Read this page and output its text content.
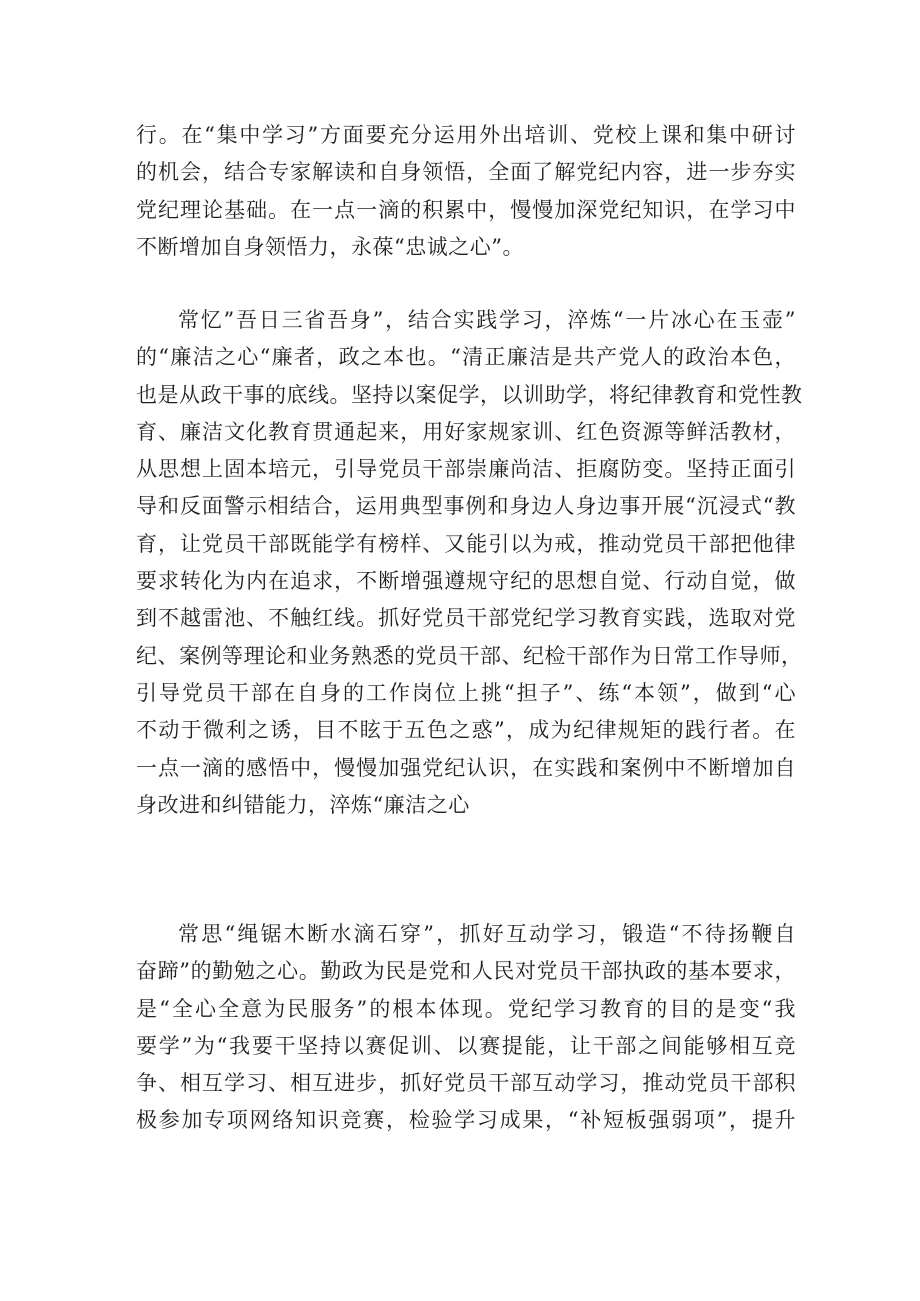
行。在“集中学习”方面要充分运用外出培训、党校上课和集中研讨
的机会，结合专家解读和自身领悟，全面了解党纪内容，进一步夯实
党纪理论基础。在一点一滴的积累中，慢慢加深党纪知识，在学习中
不断增加自身领悟力，永葆“忠诚之心”。
常忆”吾日三省吾身”，结合实践学习，淬炼“一片冰心在玉壶”
的“廉洁之心“廉者，政之本也。“清正廉洁是共产党人的政治本色，
也是从政干事的底线。坚持以案促学，以训助学，将纪律教育和党性教
育、廉洁文化教育贯通起来，用好家规家训、红色资源等鲜活教材，
从思想上固本培元，引导党员干部崇廉尚洁、拒腐防变。坚持正面引
导和反面警示相结合，运用典型事例和身边人身边事开展“沉浸式“教
育，让党员干部既能学有榜样、又能引以为戒，推动党员干部把他律
要求转化为内在追求，不断增强遵规守纪的思想自觉、行动自觉，做
到不越雷池、不触红线。抓好党员干部党纪学习教育实践，选取对党
纪、案例等理论和业务熟悉的党员干部、纪检干部作为日常工作导师，
引导党员干部在自身的工作岗位上挑“担子”、练“本领”，做到“心
不动于微利之诱，目不眩于五色之惑”，成为纪律规矩的践行者。在
一点一滴的感悟中，慢慢加强党纪认识，在实践和案例中不断增加自
身改进和纠错能力，淬炼“廉洁之心
常思“绳锯木断水滴石穿”，抓好互动学习，锻造“不待扬鞭自
奋蹄”的勤勉之心。勤政为民是党和人民对党员干部执政的基本要求，
是“全心全意为民服务”的根本体现。党纪学习教育的目的是变“我
要学”为“我要干坚持以赛促训、以赛提能，让干部之间能够相互竞
争、相互学习、相互进步，抓好党员干部互动学习，推动党员干部积
极参加专项网络知识竞赛，检验学习成果，“补短板强弱项”，提升
